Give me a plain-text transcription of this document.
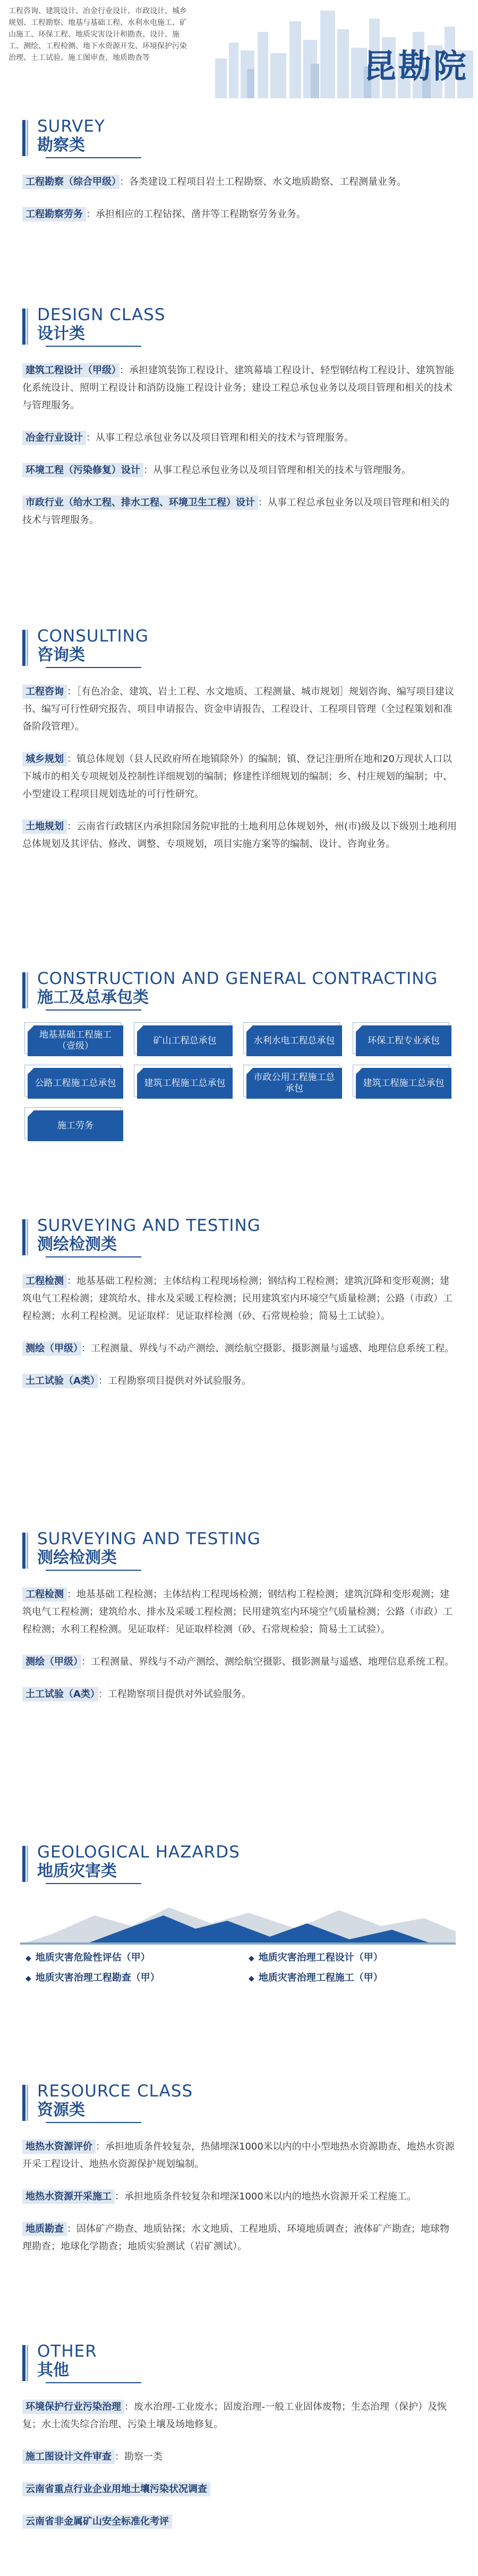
工程咨询、建筑设计、冶金行业设计、市政设计、城乡规划、工程勘察、地基与基础工程、水利水电施工、矿山施工、环保工程、地质灾害设计和勘查、设计、施工、测绘、工程检测、地下水资源开发、环境保护污染治理、土工试验、施工图审查、地质勘查等	昆勘院
SURVEY
勘察类
工程勘察（综合甲级） ：各类建设工程项目岩土工程勘察、水文地质勘察、工程测量业务。
工程勘察劳务 ：承担相应的工程钻探、凿井等工程勘察劳务业务。
DESIGN CLASS
设计类
建筑工程设计（甲级） ：承担建筑装饰工程设计、建筑幕墙工程设计、轻型钢结构工程设计、建筑智能化系统设计、照明工程设计和消防设施工程设计业务；建设工程总承包业务以及项目管理和相关的技术与管理服务。
冶金行业设计 ：从事工程总承包业务以及项目管理和相关的技术与管理服务。
环境工程（污染修复）设计 ：从事工程总承包业务以及项目管理和相关的技术与管理服务。
市政行业（给水工程、排水工程、环境卫生工程）设计 ：从事工程总承包业务以及项目管理和相关的技术与管理服务。
CONSULTING
咨询类
工程咨询 ：［有色冶金、建筑、岩土工程、水文地质、工程测量、城市规划］规划咨询、编写项目建议书、编写可行性研究报告、项目申请报告、资金申请报告、工程设计、工程项目管理（全过程策划和准备阶段管理）。
城乡规划 ：镇总体规划（县人民政府所在地镇除外）的编制；镇、登记注册所在地和20万现状人口以下城市的相关专项规划及控制性详细规划的编制；修建性详细规划的编制；乡、村庄规划的编制；中、小型建设工程项目规划选址的可行性研究。
土地规划 ：云南省行政辖区内承担除国务院审批的土地利用总体规划外，州(市)级及以下级别土地利用总体规划及其评估、修改、调整、专项规划，项目实施方案等的编制、设计、咨询业务。
CONSTRUCTION AND GENERAL CONTRACTING
施工及总承包类
地基基础工程施工（壹级）
矿山工程总承包	水利水电工程总承包	环保工程专业承包
公路工程施工总承包	建筑工程施工总承包
市政公用工程施工总承包
建筑工程施工总承包
施工劳务
SURVEYING AND TESTING
测绘检测类
工程检测 ：地基基础工程检测；主体结构工程现场检测；钢结构工程检测；建筑沉降和变形观测；建筑电气工程检测；建筑给水、排水及采暖工程检测；民用建筑室内环境空气质量检测；公路（市政）工程检测；水利工程检测。见证取样：见证取样检测（砂、石常规检验；简易土工试验）。
测绘（甲级） ：工程测量、界线与不动产测绘、测绘航空摄影、摄影测量与遥感、地理信息系统工程。
土工试验（A类） ：工程勘察项目提供对外试验服务。
SURVEYING AND TESTING
测绘检测类
工程检测 ：地基基础工程检测；主体结构工程现场检测；钢结构工程检测；建筑沉降和变形观测；建筑电气工程检测；建筑给水、排水及采暖工程检测；民用建筑室内环境空气质量检测；公路（市政）工程检测；水利工程检测。见证取样：见证取样检测（砂、石常规检验；简易土工试验）。
测绘（甲级） ：工程测量、界线与不动产测绘、测绘航空摄影、摄影测量与遥感、地理信息系统工程。
土工试验（A类） ：工程勘察项目提供对外试验服务。
GEOLOGICAL HAZARDS
地质灾害类
◆ 地质灾害危险性评估（甲）	◆ 地质灾害治理工程设计（甲）
◆ 地质灾害治理工程勘查（甲）	◆ 地质灾害治理工程施工（甲）
RESOURCE CLASS
资源类
地热水资源评价 ：承担地质条件较复杂，热储埋深1000米以内的中小型地热水资源勘查、地热水资源开采工程设计、地热水资源保护规划编制。
地热水资源开采施工 ：承担地质条件较复杂和埋深1000米以内的地热水资源开采工程施工。
地质勘查 ：固体矿产勘查、地质钻探；水文地质、工程地质、环境地质调查；液体矿产勘查；地球物理勘查；地球化学勘查；地质实验测试（岩矿测试）。
OTHER
其他
环境保护行业污染治理 ：废水治理-工业废水；固废治理-一般工业固体废物；生态治理（保护）及恢复；水土流失综合治理、污染土壤及场地修复。
施工图设计文件审查 ：勘察一类
云南省重点行业企业用地土壤污染状况调查
云南省非金属矿山安全标准化考评
